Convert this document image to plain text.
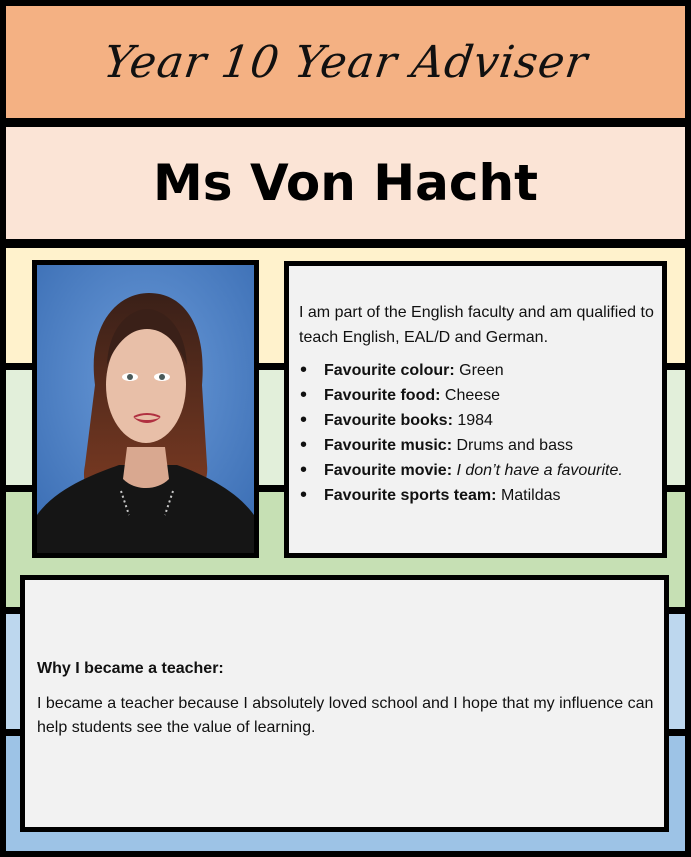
Year 10 Year Adviser
Ms Von Hacht

I am part of the English faculty and am qualified to teach English, EAL/D and German.

• Favourite colour: Green
• Favourite food: Cheese
• Favourite books: 1984
• Favourite music: Drums and bass
• Favourite movie: I don’t have a favourite.
• Favourite sports team: Matildas
Why I became a teacher:
I became a teacher because I absolutely loved school and I hope that my influence can help students see the value of learning.
